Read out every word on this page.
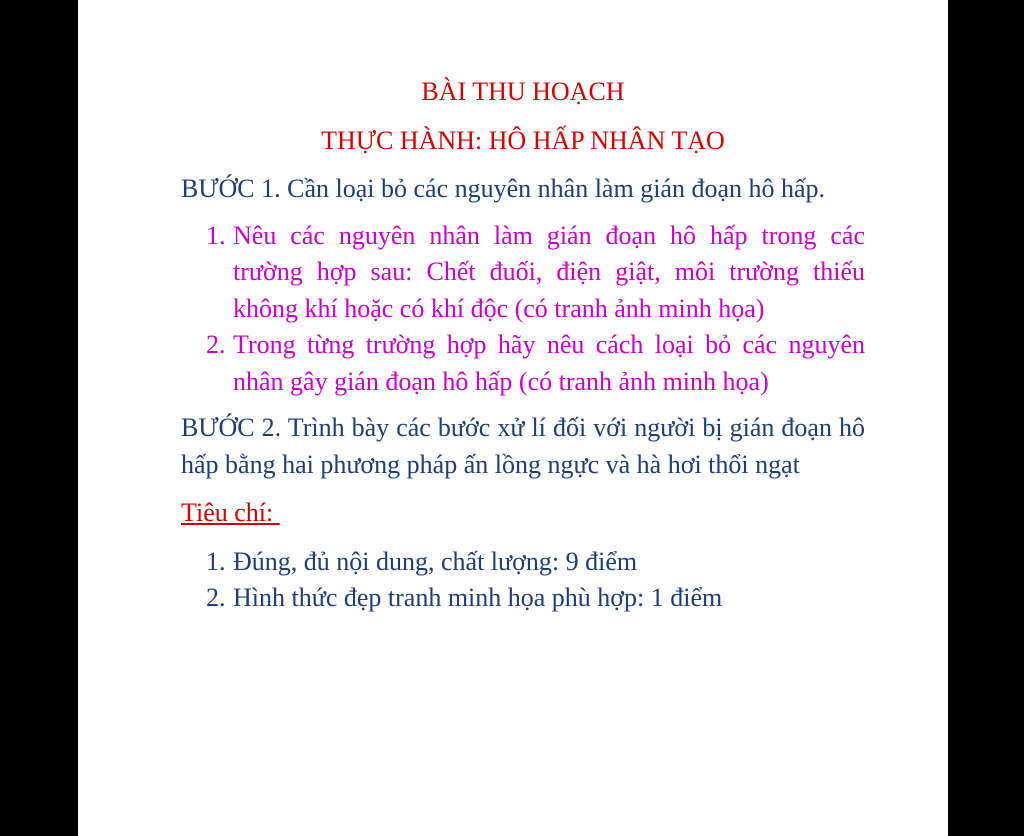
BÀI THU HOẠCH

THỰC HÀNH: HÔ HẤP NHÂN TẠO

BƯỚC 1. Cần loại bỏ các nguyên nhân làm gián đoạn hô hấp.

1. Nêu các nguyên nhân làm gián đoạn hô hấp trong các trường hợp sau: Chết đuối, điện giật, môi trường thiếu không khí hoặc có khí độc (có tranh ảnh minh họa)
2. Trong từng trường hợp hãy nêu cách loại bỏ các nguyên nhân gây gián đoạn hô hấp (có tranh ảnh minh họa)

BƯỚC 2. Trình bày các bước xử lí đối với người bị gián đoạn hô hấp bằng hai phương pháp ấn lồng ngực và hà hơi thổi ngạt

Tiêu chí:

1. Đúng, đủ nội dung, chất lượng: 9 điểm
2. Hình thức đẹp tranh minh họa phù hợp: 1 điểm
